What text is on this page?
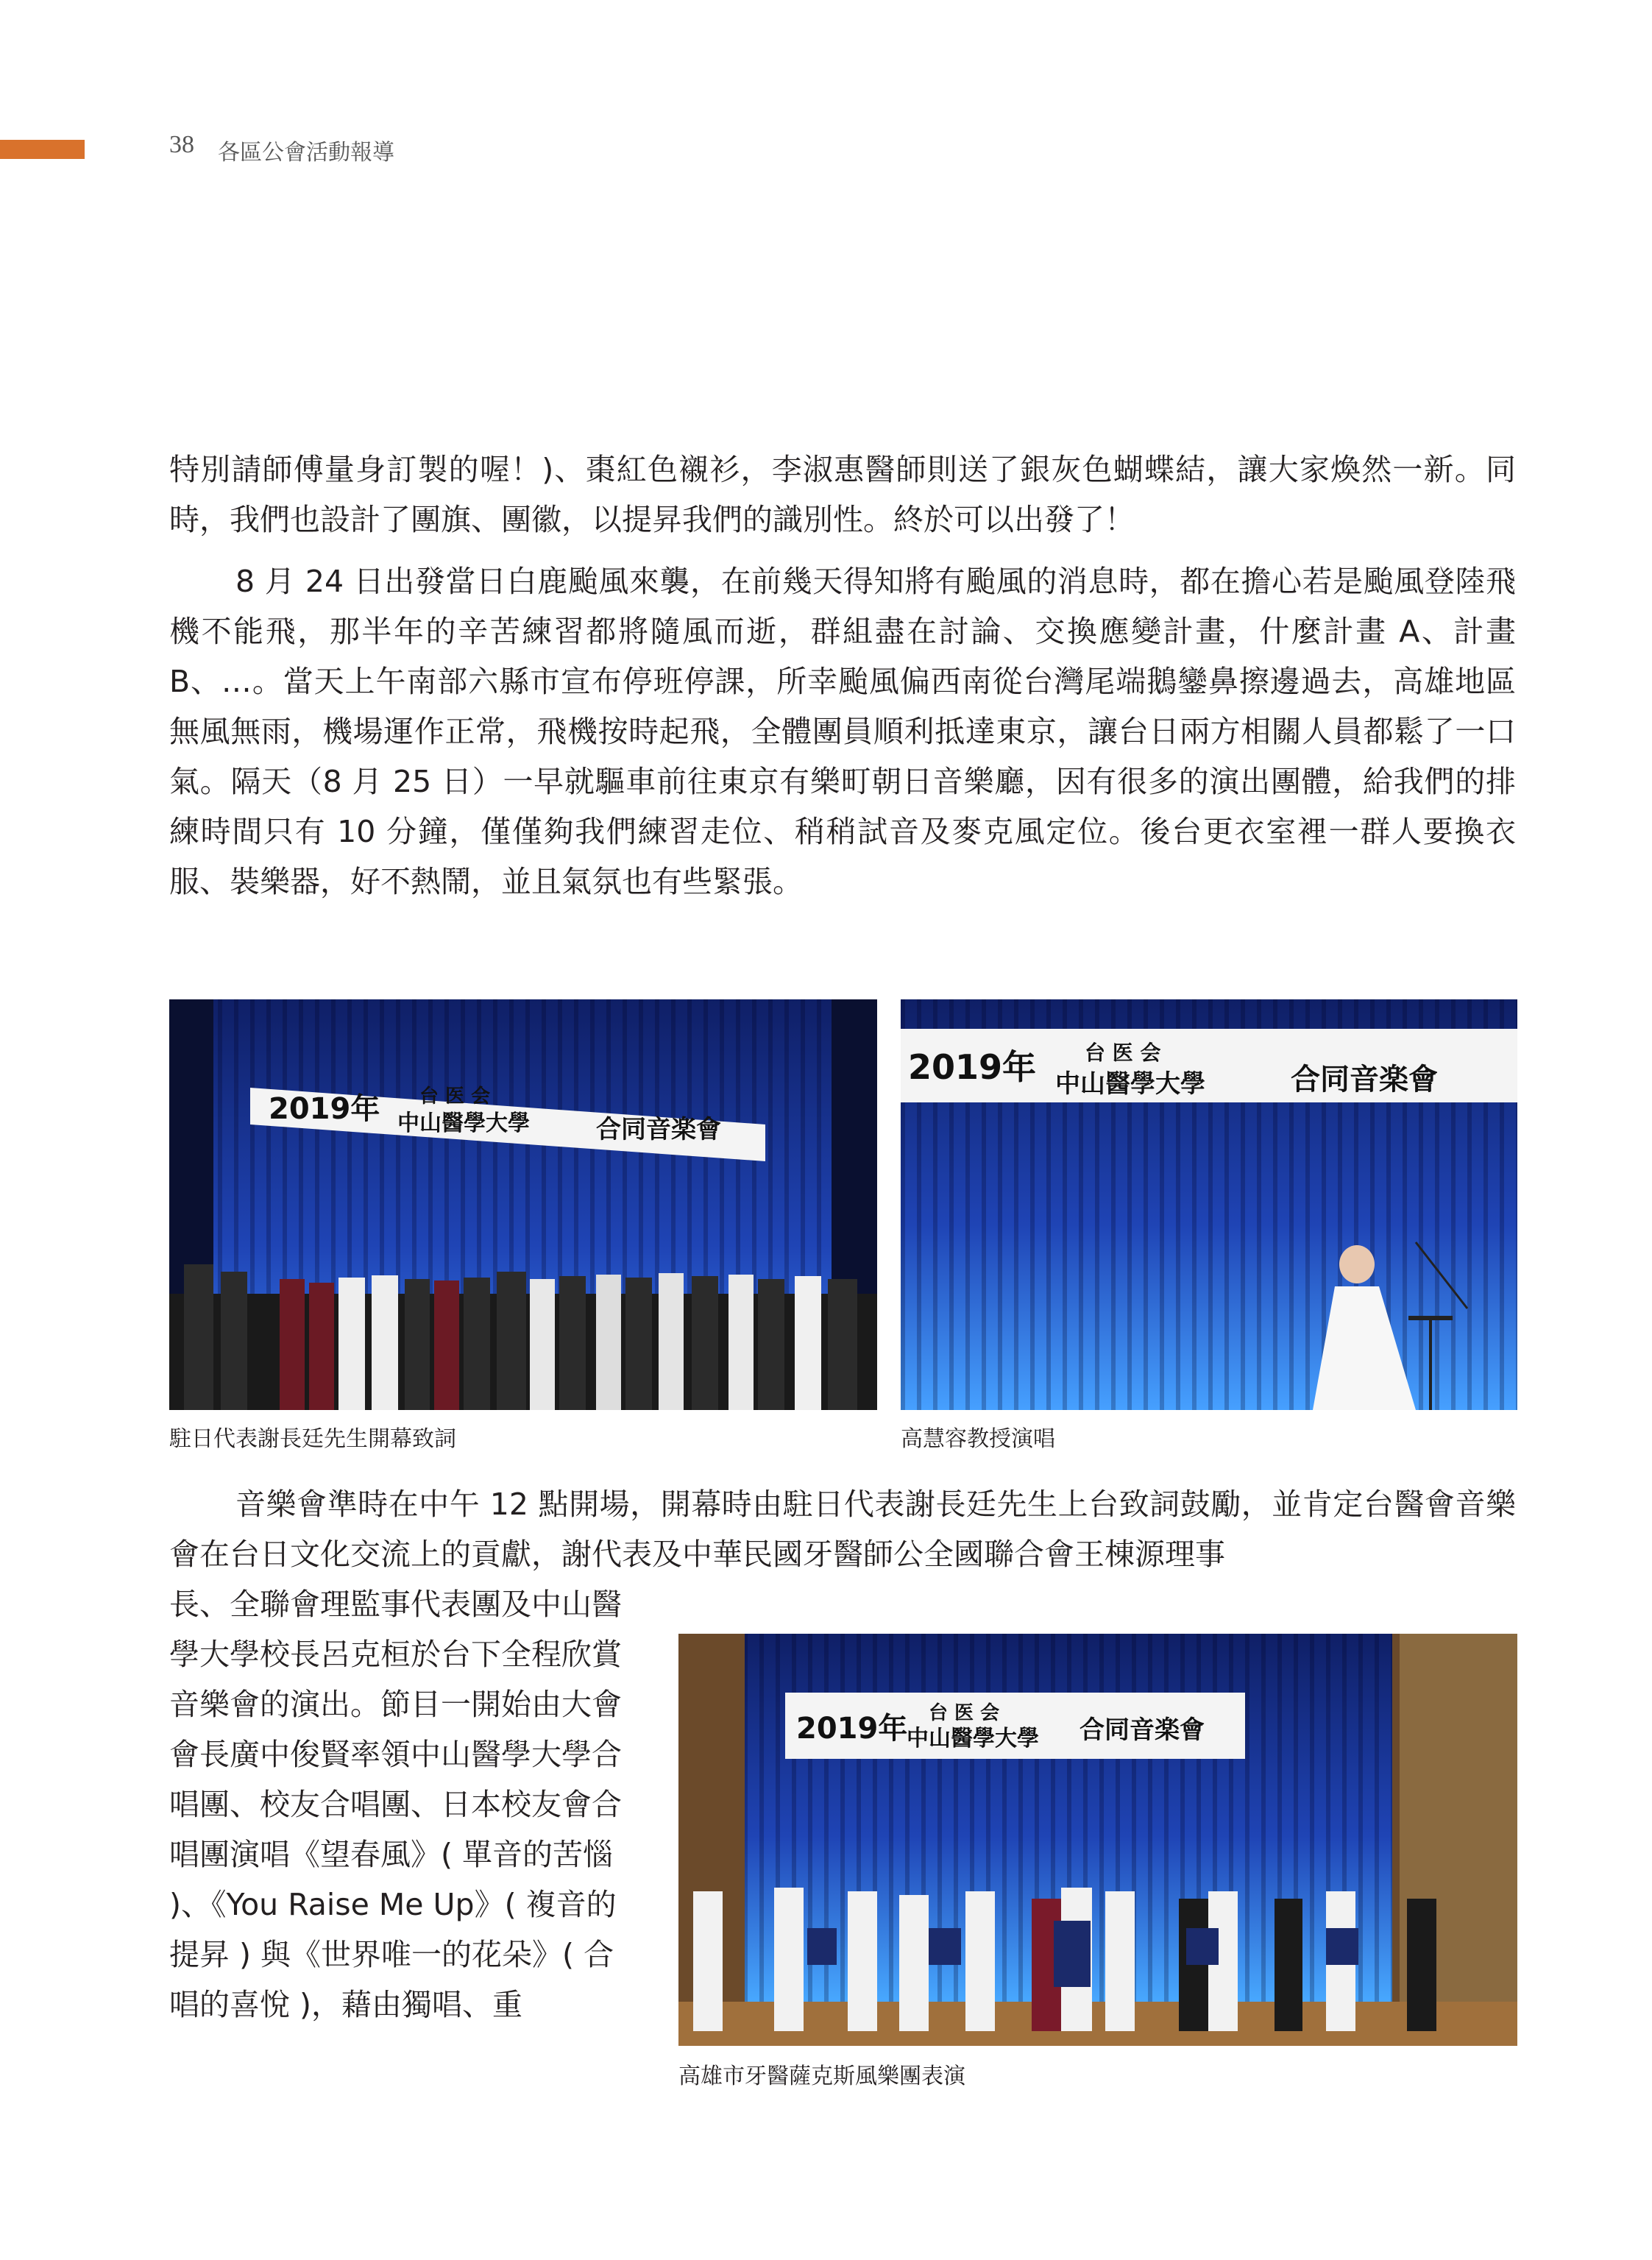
38 各區公會活動報導

特別請師傅量身訂製的喔！)、棗紅色襯衫，李淑惠醫師則送了銀灰色蝴蝶結，讓大家煥然一新。同時，我們也設計了團旗、團徽，以提昇我們的識別性。終於可以出發了！

8 月 24 日出發當日白鹿颱風來襲，在前幾天得知將有颱風的消息時，都在擔心若是颱風登陸飛機不能飛，那半年的辛苦練習都將隨風而逝，群組盡在討論、交換應變計畫，什麼計畫 A、計畫 B、…。當天上午南部六縣市宣布停班停課，所幸颱風偏西南從台灣尾端鵝鑾鼻擦邊過去，高雄地區無風無雨，機場運作正常，飛機按時起飛，全體團員順利抵達東京，讓台日兩方相關人員都鬆了一口氣。隔天（8 月 25 日）一早就驅車前往東京有樂町朝日音樂廳，因有很多的演出團體，給我們的排練時間只有 10 分鐘，僅僅夠我們練習走位、稍稍試音及麥克風定位。後台更衣室裡一群人要換衣服、裝樂器，好不熱鬧，並且氣氛也有些緊張。

2019年 台 医 会
中山醫學大學	合同音楽會
駐日代表謝長廷先生開幕致詞
2019年 台 医 会
中山醫學大學	合同音楽會
高慧容教授演唱

音樂會準時在中午 12 點開場，開幕時由駐日代表謝長廷先生上台致詞鼓勵，並肯定台醫會音樂會在台日文化交流上的貢獻，謝代表及中華民國牙醫師公全國聯合會王棟源理事

長、全聯會理監事代表團及中山醫學大學校長呂克桓於台下全程欣賞音樂會的演出。節目一開始由大會會長廣中俊賢率領中山醫學大學合唱團、校友合唱團、日本校友會合唱團演唱《望春風》( 單音的苦惱 )、《You Raise Me Up》( 複音的提昇 ) 與《世界唯一的花朵》( 合唱的喜悅 )，藉由獨唱、重

2019年 台 医 会
中山醫學大學 合同音楽會
高雄市牙醫薩克斯風樂團表演
